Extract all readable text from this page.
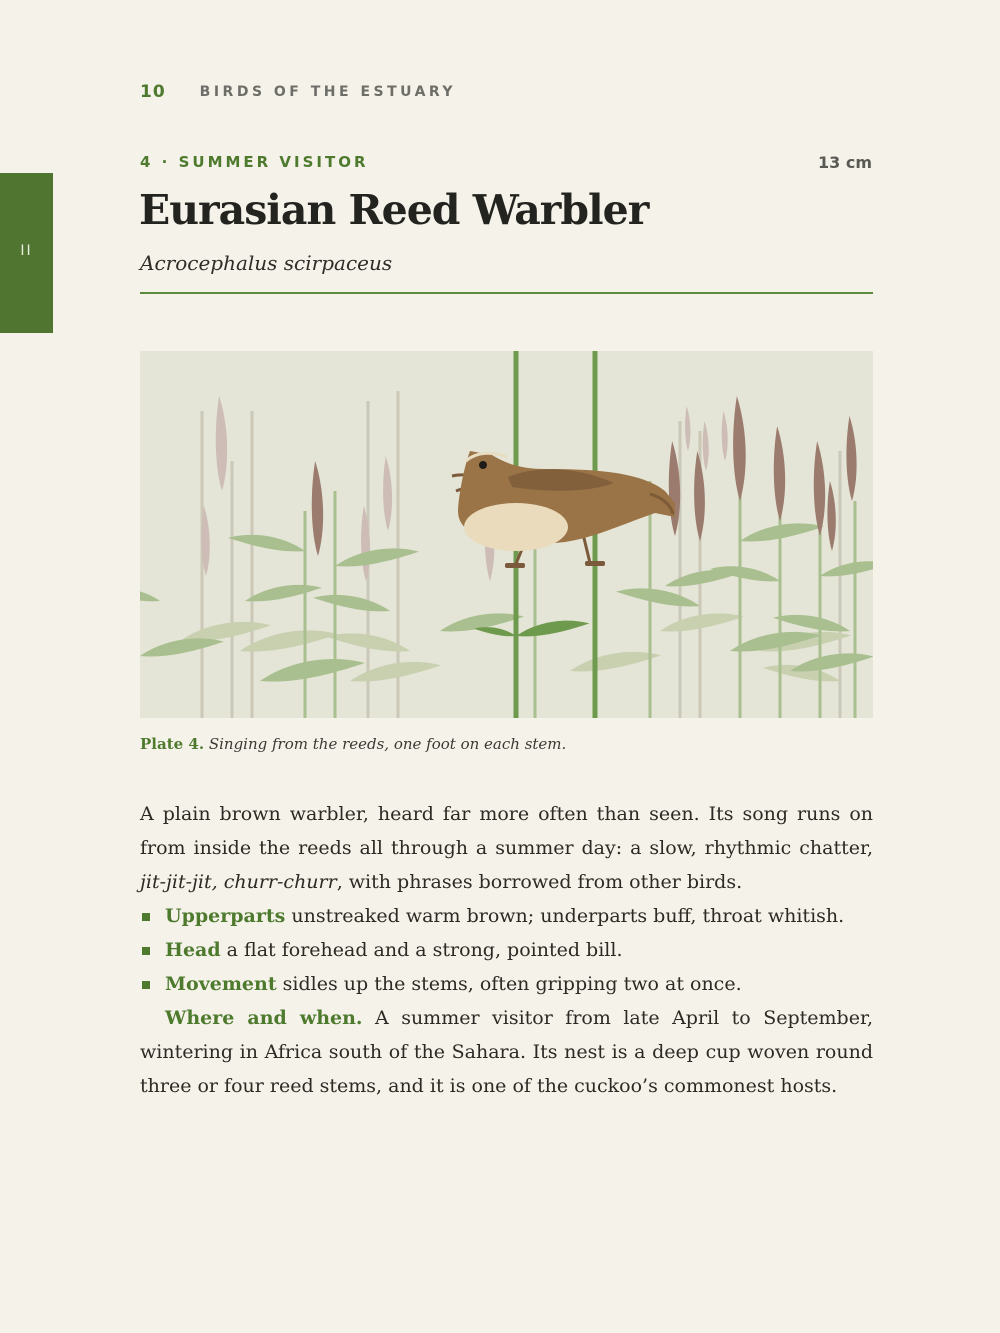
10 BIRDS OF THE ESTUARY
II
4 · SUMMER VISITOR	13 cm
Eurasian Reed Warbler
Acrocephalus scirpaceus
Plate 4. Singing from the reeds, one foot on each stem.

A plain brown warbler, heard far more often than seen. Its song runs on from inside the reeds all through a summer day: a slow, rhythmic chatter, jit-jit-jit, churr-churr, with phrases borrowed from other birds.

Upperparts unstreaked warm brown; underparts buff, throat whitish.
Head a flat forehead and a strong, pointed bill.
Movement sidles up the stems, often gripping two at once.

Where and when. A summer visitor from late April to September, wintering in Africa south of the Sahara. Its nest is a deep cup woven round three or four reed stems, and it is one of the cuckoo’s commonest hosts.
